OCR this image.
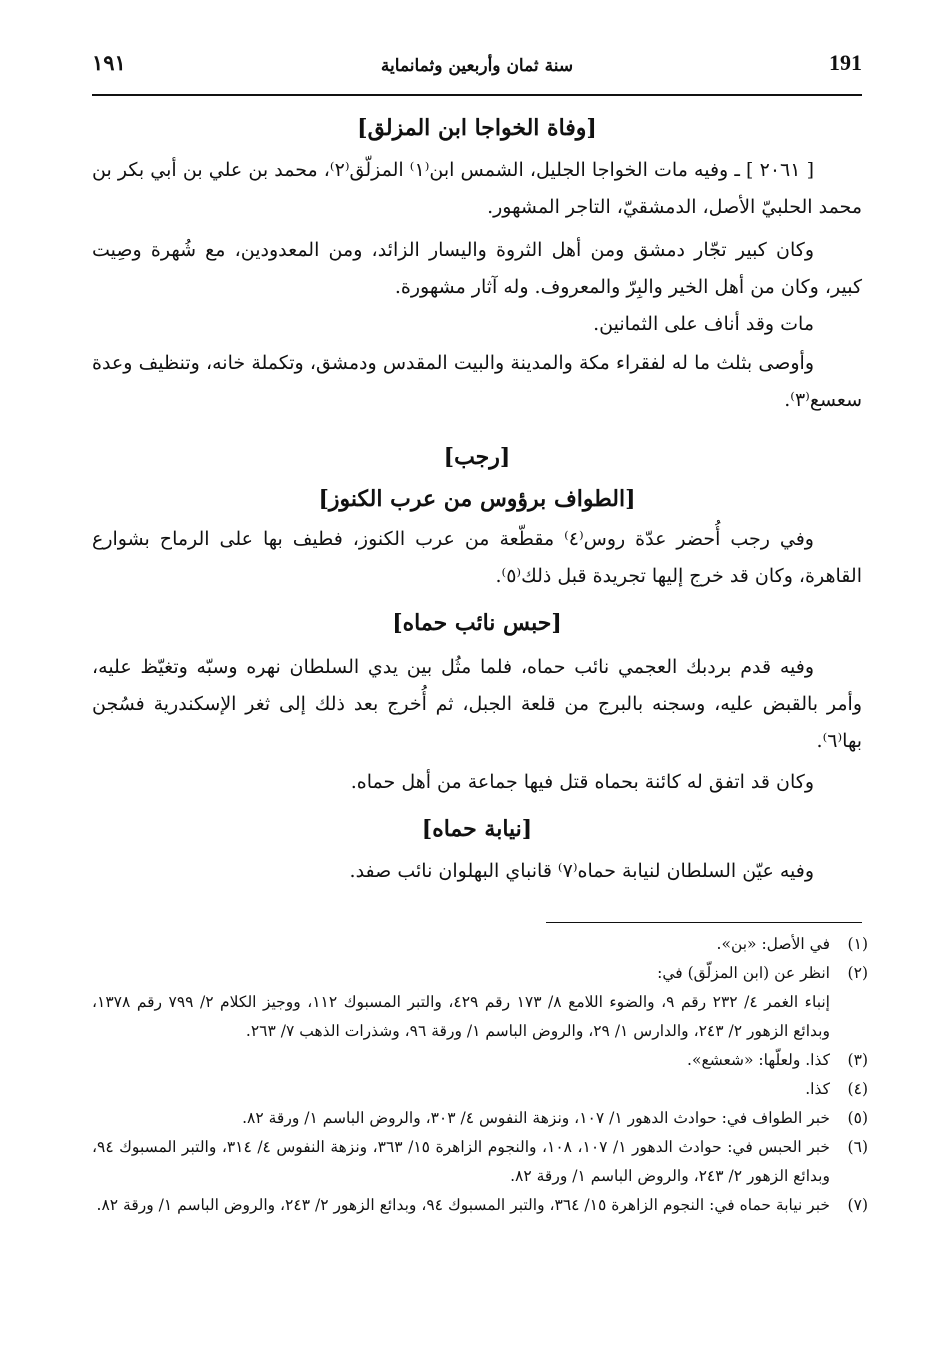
191
سنة ثمان وأربعين وثمانماية
١٩١
[وفاة الخواجا ابن المزلق]

[ ٢٠٦١ ] ـ وفيه مات الخواجا الجليل، الشمس ابن⁽١⁾ المزلّق⁽٢⁾، محمد بن علي بن أبي بكر بن محمد الحلبيّ الأصل، الدمشقيّ، التاجر المشهور.

وكان كبير تجّار دمشق ومن أهل الثروة واليسار الزائد، ومن المعدودين، مع شُهرة وصِيت كبير، وكان من أهل الخير والبِرّ والمعروف. وله آثار مشهورة.

مات وقد أناف على الثمانين.

وأوصى بثلث ما له لفقراء مكة والمدينة والبيت المقدس ودمشق، وتكملة خانه، وتنظيف وعدة سعسع⁽٣⁾.

[رجب]
[الطواف برؤوس من عرب الكنوز]

وفي رجب أُحضر عدّة روس⁽٤⁾ مقطّعة من عرب الكنوز، فطيف بها على الرماح بشوارع القاهرة، وكان قد خرج إليها تجريدة قبل ذلك⁽٥⁾.

[حبس نائب حماه]

وفيه قدم بردبك العجمي نائب حماه، فلما مثُل بين يدي السلطان نهره وسبّه وتغيّظ عليه، وأمر بالقبض عليه، وسجنه بالبرج من قلعة الجبل، ثم أُخرج بعد ذلك إلى ثغر الإسكندرية فسُجن بها⁽٦⁾.

وكان قد اتفق له كائنة بحماه قتل فيها جماعة من أهل حماه.

[نيابة حماه]

وفيه عيّن السلطان لنيابة حماه⁽٧⁾ قانباي البهلوان نائب صفد.

(١)
في الأصل: «بن».
(٢)
انظر عن (ابن المزلّق) في:
إنباء الغمر ٤/ ٢٣٢ رقم ٩، والضوء اللامع ٨/ ١٧٣ رقم ٤٢٩، والتبر المسبوك ١١٢، ووجيز الكلام ٢/ ٧٩٩ رقم ١٣٧٨، وبدائع الزهور ٢/ ٢٤٣، والدارس ١/ ٢٩، والروض الباسم ١/ ورقة ٩٦، وشذرات الذهب ٧/ ٢٦٣.
(٣)
كذا. ولعلّها: «شعشع».
(٤)
كذا.
(٥)
خبر الطواف في: حوادث الدهور ١/ ١٠٧، ونزهة النفوس ٤/ ٣٠٣، والروض الباسم ١/ ورقة ٨٢.
(٦)
خبر الحبس في: حوادث الدهور ١/ ١٠٧، ١٠٨، والنجوم الزاهرة ١٥/ ٣٦٣، ونزهة النفوس ٤/ ٣١٤، والتبر المسبوك ٩٤، وبدائع الزهور ٢/ ٢٤٣، والروض الباسم ١/ ورقة ٨٢.
(٧)
خبر نيابة حماه في: النجوم الزاهرة ١٥/ ٣٦٤، والتبر المسبوك ٩٤، وبدائع الزهور ٢/ ٢٤٣، والروض الباسم ١/ ورقة ٨٢.
